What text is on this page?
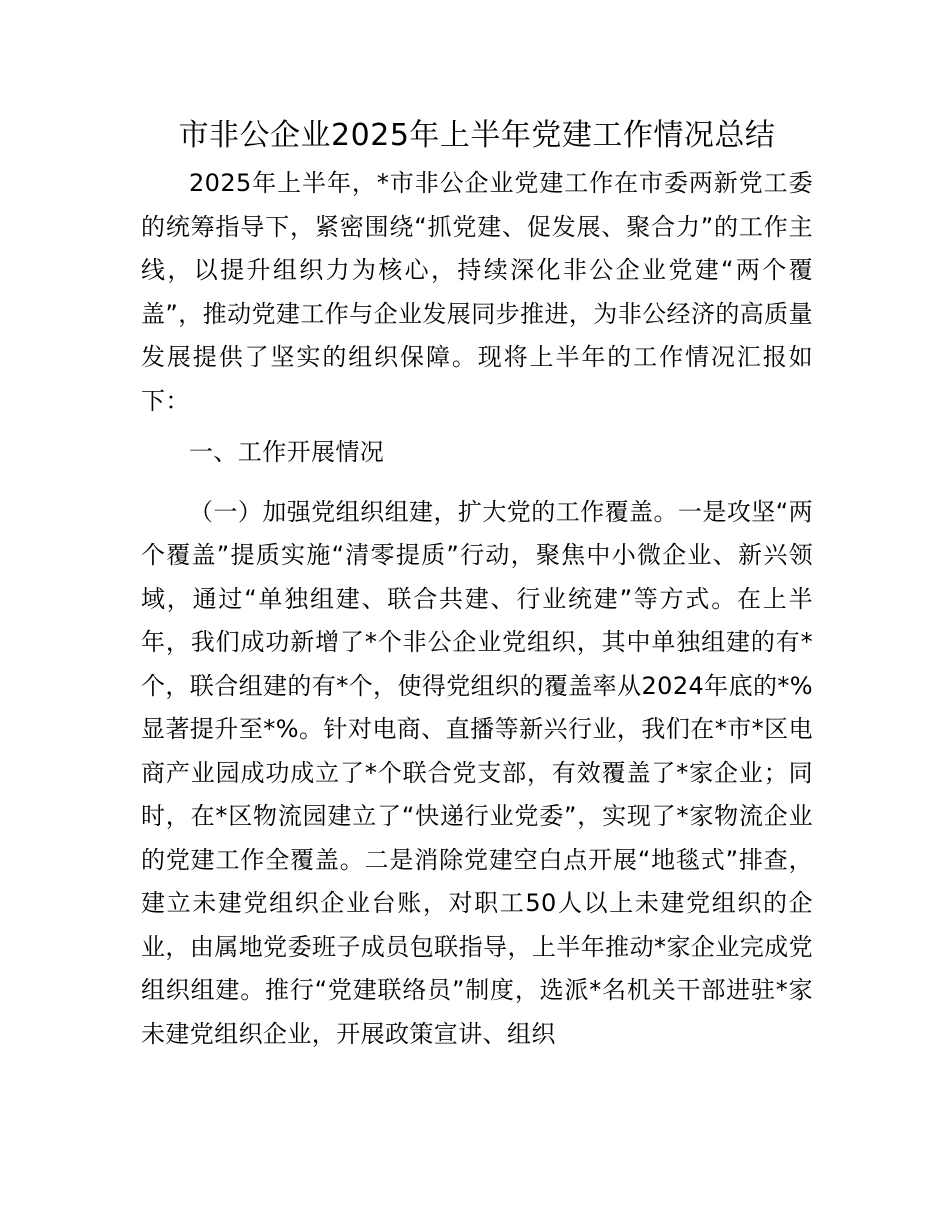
市非公企业2025年上半年党建工作情况总结

2025年上半年，*市非公企业党建工作在市委两新党工委的统筹指导下，紧密围绕“抓党建、促发展、聚合力”的工作主线，以提升组织力为核心，持续深化非公企业党建“两个覆盖”，推动党建工作与企业发展同步推进，为非公经济的高质量发展提供了坚实的组织保障。现将上半年的工作情况汇报如下：

一、工作开展情况

（一）加强党组织组建，扩大党的工作覆盖。一是攻坚“两个覆盖”提质实施“清零提质”行动，聚焦中小微企业、新兴领域，通过“单独组建、联合共建、行业统建”等方式。在上半年，我们成功新增了*个非公企业党组织，其中单独组建的有*个，联合组建的有*个，使得党组织的覆盖率从2024年底的*%显著提升至*%。针对电商、直播等新兴行业，我们在*市*区电商产业园成功成立了*个联合党支部，有效覆盖了*家企业；同时，在*区物流园建立了“快递行业党委”，实现了*家物流企业的党建工作全覆盖。二是消除党建空白点开展“地毯式”排查，建立未建党组织企业台账，对职工50人以上未建党组织的企业，由属地党委班子成员包联指导，上半年推动*家企业完成党组织组建。推行“党建联络员”制度，选派*名机关干部进驻*家未建党组织企业，开展政策宣讲、组织
